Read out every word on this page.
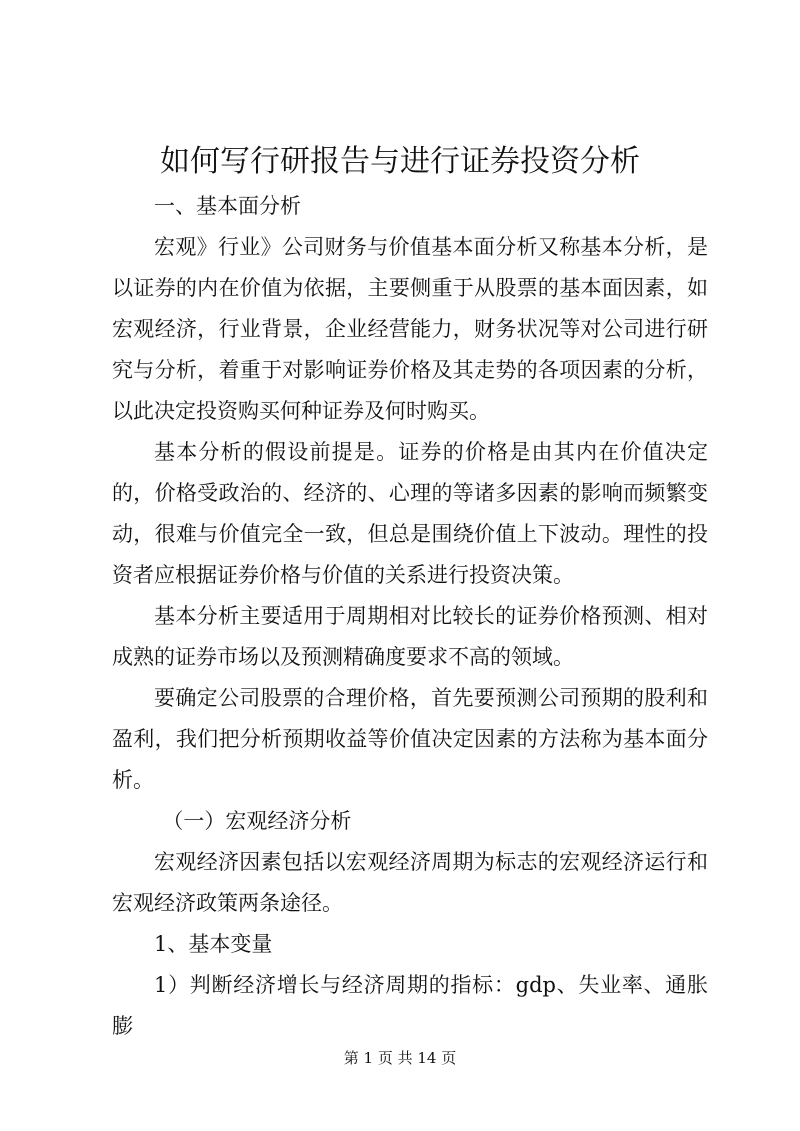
如何写行研报告与进行证券投资分析

一、基本面分析

宏观》行业》公司财务与价值基本面分析又称基本分析，是以证券的内在价值为依据，主要侧重于从股票的基本面因素，如宏观经济，行业背景，企业经营能力，财务状况等对公司进行研究与分析，着重于对影响证券价格及其走势的各项因素的分析，以此决定投资购买何种证券及何时购买。

基本分析的假设前提是。证券的价格是由其内在价值决定的，价格受政治的、经济的、心理的等诸多因素的影响而频繁变动，很难与价值完全一致，但总是围绕价值上下波动。理性的投资者应根据证券价格与价值的关系进行投资决策。

基本分析主要适用于周期相对比较长的证券价格预测、相对成熟的证券市场以及预测精确度要求不高的领域。

要确定公司股票的合理价格，首先要预测公司预期的股利和盈利，我们把分析预期收益等价值决定因素的方法称为基本面分析。

（一）宏观经济分析

宏观经济因素包括以宏观经济周期为标志的宏观经济运行和宏观经济政策两条途径。

1、基本变量

1）判断经济增长与经济周期的指标：gdp、失业率、通胀膨

第 1 页 共 14 页
